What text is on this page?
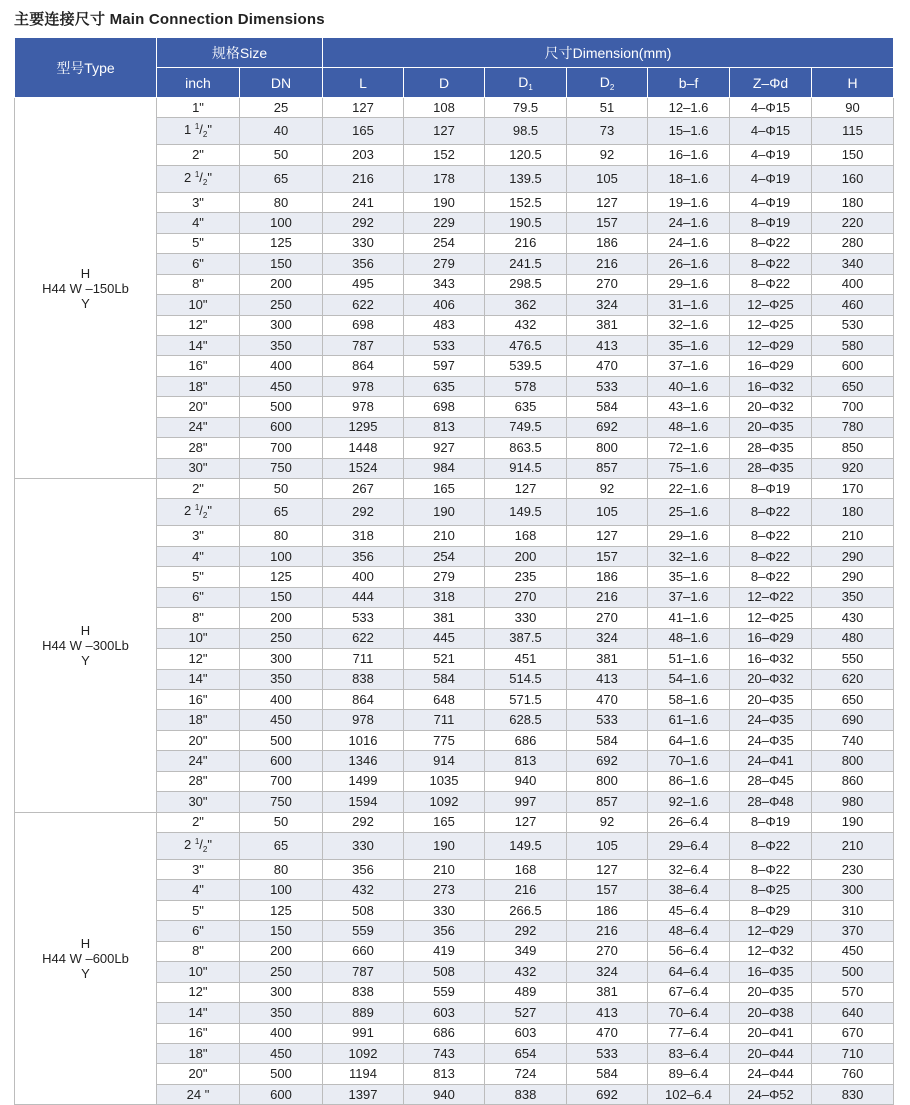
主要连接尺寸 Main Connection Dimensions
型号Type	规格Size		尺寸Dimension(mm)						
	inch	DN	L	D	$D_1$	$D_2$	b–f	Z–Φd	H

H
H44 W –150Lb
Y	1"	25	127	108	79.5	51	12–1.6	4–Φ15	90
	1 $^1/_2$"	40	165	127	98.5	73	15–1.6	4–Φ15	115
	2"	50	203	152	120.5	92	16–1.6	4–Φ19	150
	2 $^1/_2$"	65	216	178	139.5	105	18–1.6	4–Φ19	160
	3"	80	241	190	152.5	127	19–1.6	4–Φ19	180
	4"	100	292	229	190.5	157	24–1.6	8–Φ19	220
	5"	125	330	254	216	186	24–1.6	8–Φ22	280
	6"	150	356	279	241.5	216	26–1.6	8–Φ22	340
	8"	200	495	343	298.5	270	29–1.6	8–Φ22	400
	10"	250	622	406	362	324	31–1.6	12–Φ25	460
	12"	300	698	483	432	381	32–1.6	12–Φ25	530
	14"	350	787	533	476.5	413	35–1.6	12–Φ29	580
	16"	400	864	597	539.5	470	37–1.6	16–Φ29	600
	18"	450	978	635	578	533	40–1.6	16–Φ32	650
	20"	500	978	698	635	584	43–1.6	20–Φ32	700
	24"	600	1295	813	749.5	692	48–1.6	20–Φ35	780
	28"	700	1448	927	863.5	800	72–1.6	28–Φ35	850
	30"	750	1524	984	914.5	857	75–1.6	28–Φ35	920

H
H44 W –300Lb
Y	2"	50	267	165	127	92	22–1.6	8–Φ19	170
	2 $^1/_2$"	65	292	190	149.5	105	25–1.6	8–Φ22	180
	3"	80	318	210	168	127	29–1.6	8–Φ22	210
	4"	100	356	254	200	157	32–1.6	8–Φ22	290
	5"	125	400	279	235	186	35–1.6	8–Φ22	290
	6"	150	444	318	270	216	37–1.6	12–Φ22	350
	8"	200	533	381	330	270	41–1.6	12–Φ25	430
	10"	250	622	445	387.5	324	48–1.6	16–Φ29	480
	12"	300	711	521	451	381	51–1.6	16–Φ32	550
	14"	350	838	584	514.5	413	54–1.6	20–Φ32	620
	16"	400	864	648	571.5	470	58–1.6	20–Φ35	650
	18"	450	978	711	628.5	533	61–1.6	24–Φ35	690
	20"	500	1016	775	686	584	64–1.6	24–Φ35	740
	24"	600	1346	914	813	692	70–1.6	24–Φ41	800
	28"	700	1499	1035	940	800	86–1.6	28–Φ45	860
	30"	750	1594	1092	997	857	92–1.6	28–Φ48	980

H
H44 W –600Lb
Y	2"	50	292	165	127	92	26–6.4	8–Φ19	190
	2 $^1/_2$"	65	330	190	149.5	105	29–6.4	8–Φ22	210
	3"	80	356	210	168	127	32–6.4	8–Φ22	230
	4"	100	432	273	216	157	38–6.4	8–Φ25	300
	5"	125	508	330	266.5	186	45–6.4	8–Φ29	310
	6"	150	559	356	292	216	48–6.4	12–Φ29	370
	8"	200	660	419	349	270	56–6.4	12–Φ32	450
	10"	250	787	508	432	324	64–6.4	16–Φ35	500
	12"	300	838	559	489	381	67–6.4	20–Φ35	570
	14"	350	889	603	527	413	70–6.4	20–Φ38	640
	16"	400	991	686	603	470	77–6.4	20–Φ41	670
	18"	450	1092	743	654	533	83–6.4	20–Φ44	710
	20"	500	1194	813	724	584	89–6.4	24–Φ44	760
	24 "	600	1397	940	838	692	102–6.4	24–Φ52	830
